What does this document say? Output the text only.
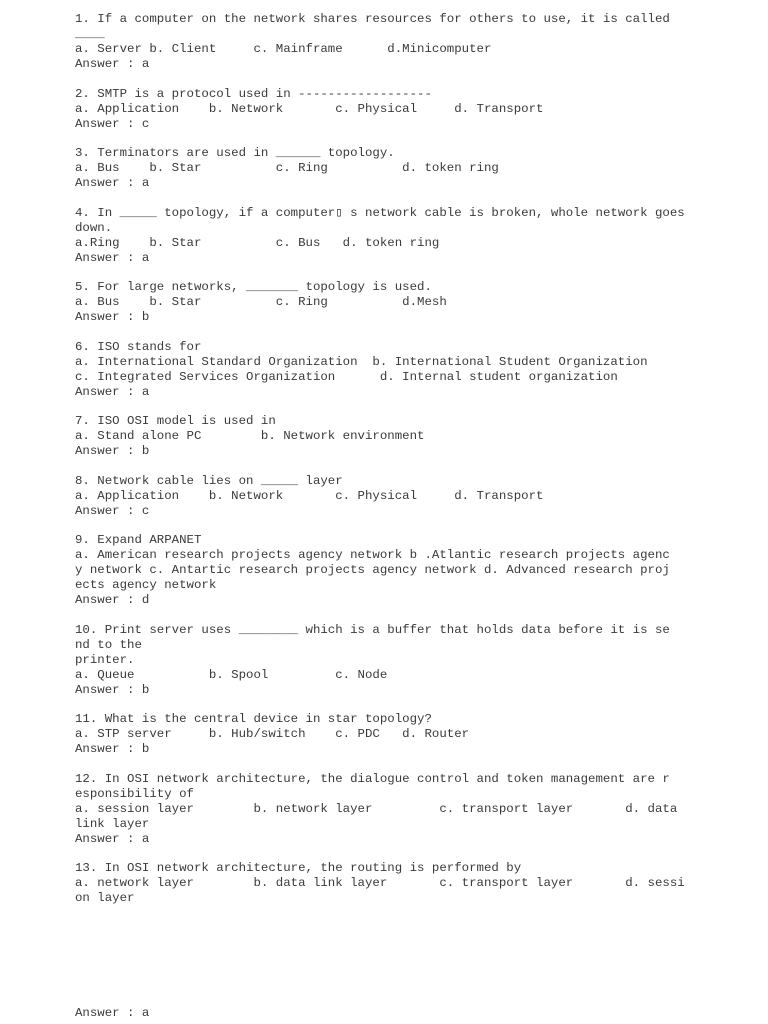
1. If a computer on the network shares resources for others to use, it is called
____
a. Server b. Client     c. Mainframe      d.Minicomputer
Answer : a
2. SMTP is a protocol used in ------------------
a. Application    b. Network       c. Physical     d. Transport
Answer : c
3. Terminators are used in ______ topology.
a. Bus    b. Star          c. Ring          d. token ring
Answer : a
4. In _____ topology, if a computer▯ s network cable is broken, whole network goes
down.
a.Ring    b. Star          c. Bus   d. token ring
Answer : a
5. For large networks, _______ topology is used.
a. Bus    b. Star          c. Ring          d.Mesh
Answer : b
6. ISO stands for
a. International Standard Organization  b. International Student Organization
c. Integrated Services Organization      d. Internal student organization
Answer : a
7. ISO OSI model is used in
a. Stand alone PC        b. Network environment
Answer : b
8. Network cable lies on _____ layer
a. Application    b. Network       c. Physical     d. Transport
Answer : c
9. Expand ARPANET
a. American research projects agency network b .Atlantic research projects agenc
y network c. Antartic research projects agency network d. Advanced research proj
ects agency network
Answer : d
10. Print server uses ________ which is a buffer that holds data before it is se
nd to the
printer.
a. Queue          b. Spool         c. Node
Answer : b
11. What is the central device in star topology?
a. STP server     b. Hub/switch    c. PDC   d. Router
Answer : b
12. In OSI network architecture, the dialogue control and token management are r
esponsibility of
a. session layer        b. network layer         c. transport layer       d. data
link layer
Answer : a
13. In OSI network architecture, the routing is performed by
a. network layer        b. data link layer       c. transport layer       d. sessi
on layer
Answer : a
